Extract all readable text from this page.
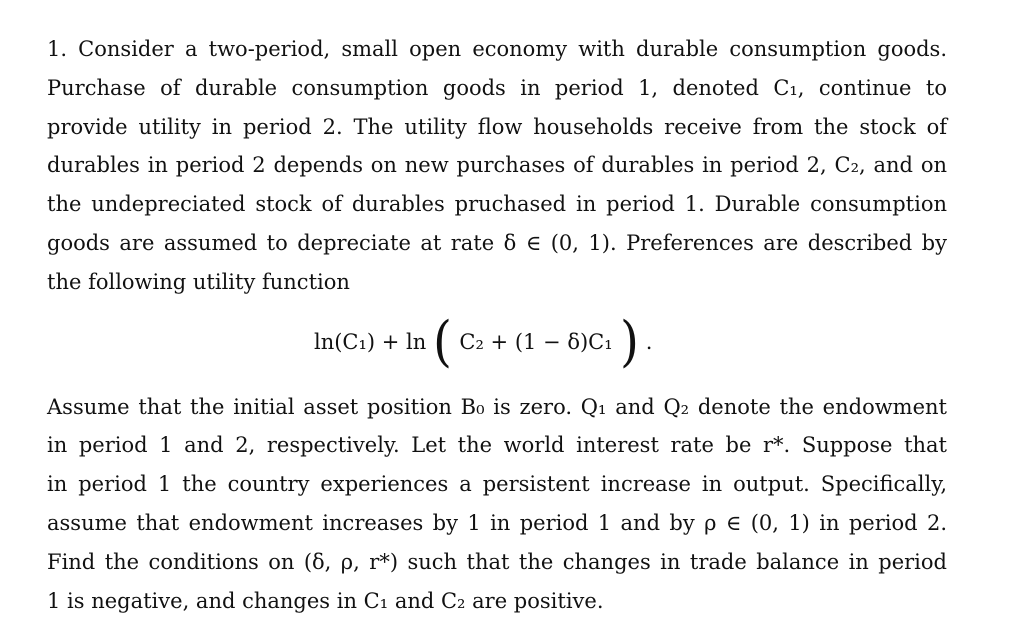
1. Consider a two-period, small open economy with durable consumption goods.
Purchase of durable consumption goods in period 1, denoted C₁, continue to
provide utility in period 2. The utility flow households receive from the stock of
durables in period 2 depends on new purchases of durables in period 2, C₂, and on
the undepreciated stock of durables pruchased in period 1. Durable consumption
goods are assumed to depreciate at rate δ ∈ (0, 1). Preferences are described by
the following utility function

ln(C₁) + ln ( C₂ + (1 − δ)C₁ ) .

Assume that the initial asset position B₀ is zero. Q₁ and Q₂ denote the endowment
in period 1 and 2, respectively. Let the world interest rate be r*. Suppose that
in period 1 the country experiences a persistent increase in output. Specifically,
assume that endowment increases by 1 in period 1 and by ρ ∈ (0, 1) in period 2.
Find the conditions on (δ, ρ, r*) such that the changes in trade balance in period
1 is negative, and changes in C₁ and C₂ are positive.
